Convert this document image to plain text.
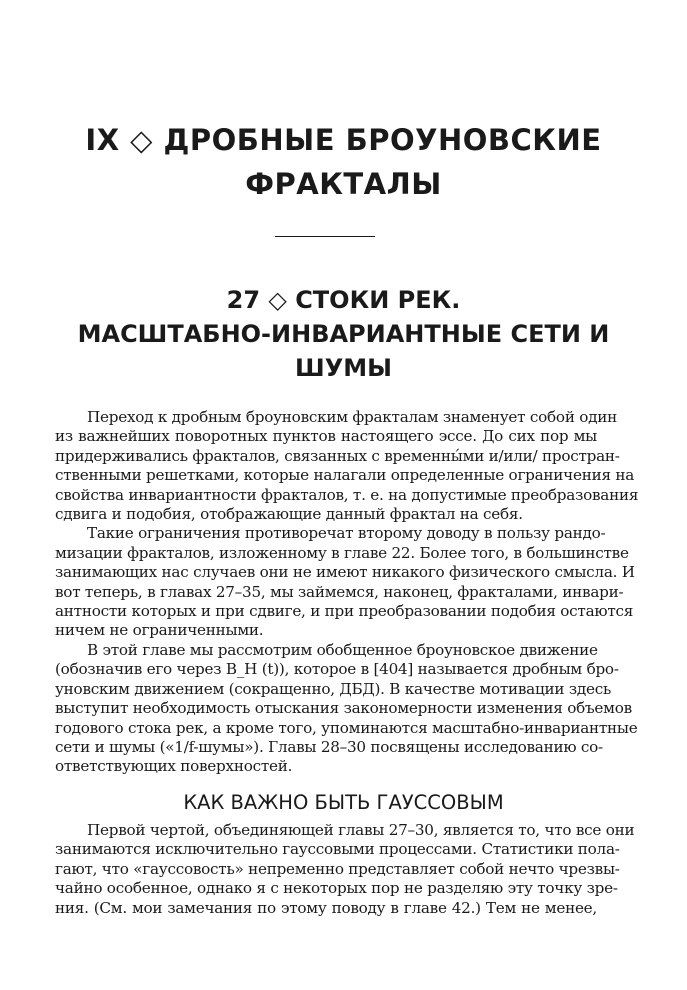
IX ◇ ДРОБНЫЕ БРОУНОВСКИЕ
ФРАКТАЛЫ
27 ◇ СТОКИ РЕК.
МАСШТАБНО-ИНВАРИАНТНЫЕ СЕТИ И
ШУМЫ
Переход к дробным броуновским фракталам знаменует собой один
из важнейших поворотных пунктов настоящего эссе. До сих пор мы
придерживались фракталов, связанных с временны́ми и/или/ простран-
ственными решетками, которые налагали определенные ограничения на
свойства инвариантности фракталов, т. е. на допустимые преобразования
сдвига и подобия, отображающие данный фрактал на себя.
Такие ограничения противоречат второму доводу в пользу рандо-
мизации фракталов, изложенному в главе 22. Более того, в большинстве
занимающих нас случаев они не имеют никакого физического смысла. И
вот теперь, в главах 27–35, мы займемся, наконец, фракталами, инвари-
антности которых и при сдвиге, и при преобразовании подобия остаются
ничем не ограниченными.
В этой главе мы рассмотрим обобщенное броуновское движение
(обозначив его через B_H (t)), которое в [404] называется дробным бро-
уновским движением (сокращенно, ДБД). В качестве мотивации здесь
выступит необходимость отыскания закономерности изменения объемов
годового стока рек, а кроме того, упоминаются масштабно-инвариантные
сети и шумы («1/f-шумы»). Главы 28–30 посвящены исследованию со-
ответствующих поверхностей.
КАК ВАЖНО БЫТЬ ГАУССОВЫМ
Первой чертой, объединяющей главы 27–30, является то, что все они
занимаются исключительно гауссовыми процессами. Статистики пола-
гают, что «гауссовость» непременно представляет собой нечто чрезвы-
чайно особенное, однако я с некоторых пор не разделяю эту точку зре-
ния. (См. мои замечания по этому поводу в главе 42.) Тем не менее,
